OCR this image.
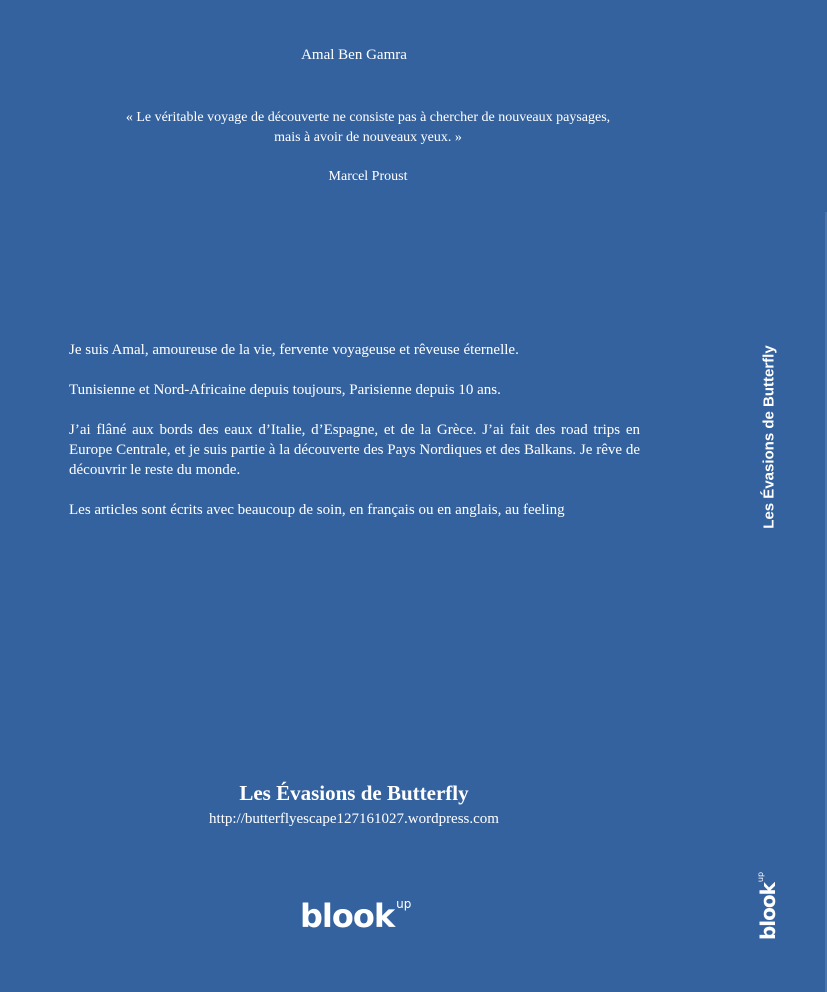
Amal Ben Gamra
« Le véritable voyage de découverte ne consiste pas à chercher de nouveaux paysages,
mais à avoir de nouveaux yeux. »
Marcel Proust

Je suis Amal, amoureuse de la vie, fervente voyageuse et rêveuse éternelle.

Tunisienne et Nord-Africaine depuis toujours, Parisienne depuis 10 ans.

J’ai flâné aux bords des eaux d’Italie, d’Espagne, et de la Grèce. J’ai fait des road trips en Europe Centrale, et je suis partie à la découverte des Pays Nordiques et des Balkans. Je rêve de découvrir le reste du monde.

Les articles sont écrits avec beaucoup de soin, en français ou en anglais, au feeling

Les Évasions de Butterfly
http://butterflyescape127161027.wordpress.com
blook $^{up}$
Les Évasions de Butterfly
blook$^{up}$
